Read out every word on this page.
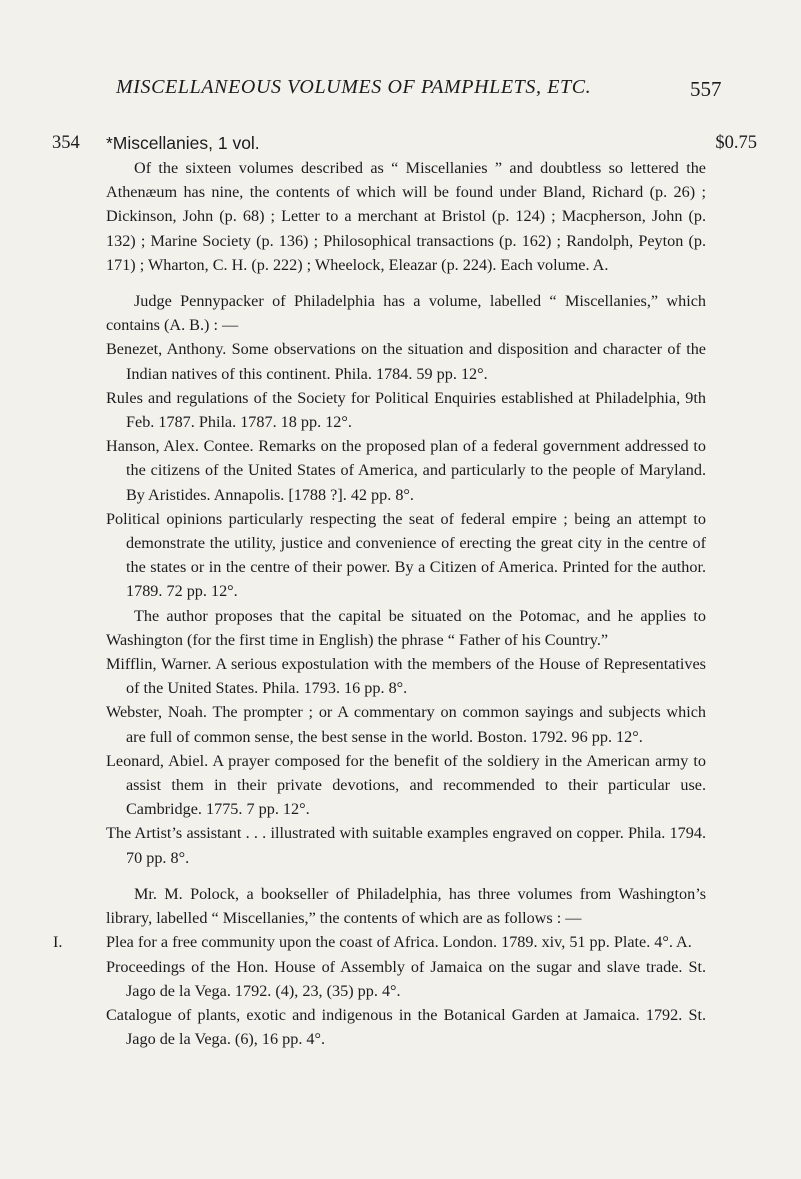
MISCELLANEOUS VOLUMES OF PAMPHLETS, ETC.	557
354 *Miscellanies, 1 vol.	$0.75

Of the sixteen volumes described as “ Miscellanies ” and doubtless so lettered the Athenæum has nine, the contents of which will be found under Bland, Richard (p. 26) ; Dickinson, John (p. 68) ; Letter to a merchant at Bristol (p. 124) ; Macpherson, John (p. 132) ; Marine Society (p. 136) ; Philosophical transactions (p. 162) ; Randolph, Peyton (p. 171) ; Wharton, C. H. (p. 222) ; Wheelock, Eleazar (p. 224). Each volume. A.

Judge Pennypacker of Philadelphia has a volume, labelled “ Miscellanies,” which contains (A. B.) : —

Benezet, Anthony. Some observations on the situation and disposition and character of the Indian natives of this continent. Phila. 1784. 59 pp. 12°.

Rules and regulations of the Society for Political Enquiries established at Philadelphia, 9th Feb. 1787. Phila. 1787. 18 pp. 12°.

Hanson, Alex. Contee. Remarks on the proposed plan of a federal government addressed to the citizens of the United States of America, and particularly to the people of Maryland. By Aristides. Annapolis. [1788 ?]. 42 pp. 8°.

Political opinions particularly respecting the seat of federal empire ; being an attempt to demonstrate the utility, justice and convenience of erecting the great city in the centre of the states or in the centre of their power. By a Citizen of America. Printed for the author. 1789. 72 pp. 12°.

The author proposes that the capital be situated on the Potomac, and he applies to Washington (for the first time in English) the phrase “ Father of his Country.”

Mifflin, Warner. A serious expostulation with the members of the House of Representatives of the United States. Phila. 1793. 16 pp. 8°.

Webster, Noah. The prompter ; or A commentary on common sayings and subjects which are full of common sense, the best sense in the world. Boston. 1792. 96 pp. 12°.

Leonard, Abiel. A prayer composed for the benefit of the soldiery in the American army to assist them in their private devotions, and recommended to their particular use. Cambridge. 1775. 7 pp. 12°.

The Artist’s assistant . . . illustrated with suitable examples engraved on copper. Phila. 1794. 70 pp. 8°.

Mr. M. Polock, a bookseller of Philadelphia, has three volumes from Washington’s library, labelled “ Miscellanies,” the contents of which are as follows : —

I.	Plea for a free community upon the coast of Africa. London. 1789. xiv, 51 pp. Plate. 4°. A.

Proceedings of the Hon. House of Assembly of Jamaica on the sugar and slave trade. St. Jago de la Vega. 1792. (4), 23, (35) pp. 4°.

Catalogue of plants, exotic and indigenous in the Botanical Garden at Jamaica. 1792. St. Jago de la Vega. (6), 16 pp. 4°.
